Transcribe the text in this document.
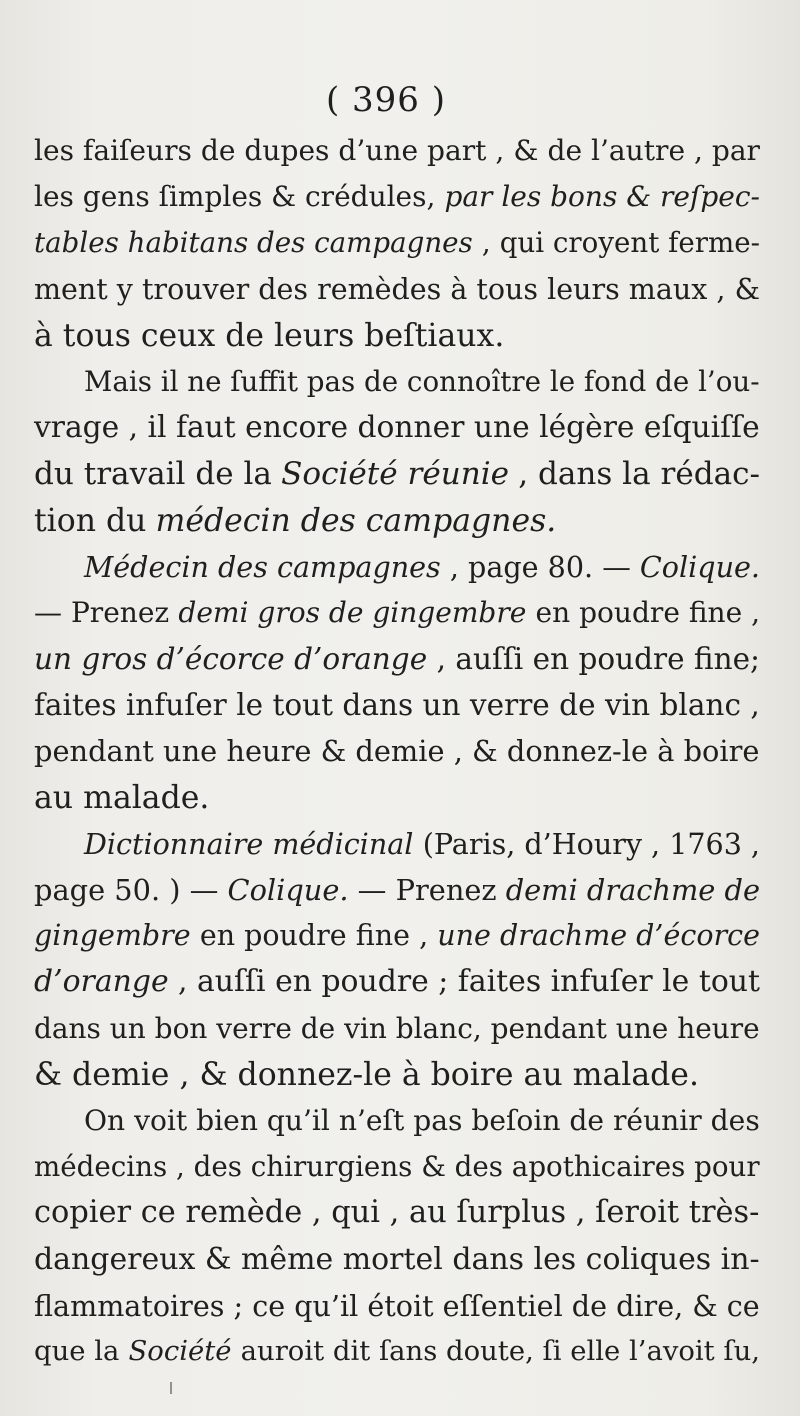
( 396 )
les faiſeurs de dupes d’une part , & de l’autre , par
les gens ſimples & crédules, par les bons & reſpec-
tables habitans des campagnes , qui croyent ferme-
ment y trouver des remèdes à tous leurs maux , &
à tous ceux de leurs beſtiaux.
Mais il ne ſuffit pas de connoître le fond de l’ou-
vrage , il faut encore donner une légère eſquiſſe
du travail de la Société réunie , dans la rédac-
tion du médecin des campagnes.
Médecin des campagnes , page 80. — Colique.
— Prenez demi gros de gingembre en poudre fine ,
un gros d’écorce d’orange , auſſi en poudre fine;
faites infuſer le tout dans un verre de vin blanc ,
pendant une heure & demie , & donnez-le à boire
au malade.
Dictionnaire médicinal (Paris, d’Houry , 1763 ,
page 50. ) — Colique. — Prenez demi drachme de
gingembre en poudre fine , une drachme d’écorce
d’orange , auſſi en poudre ; faites infuſer le tout
dans un bon verre de vin blanc, pendant une heure
& demie , & donnez-le à boire au malade.
On voit bien qu’il n’eſt pas beſoin de réunir des
médecins , des chirurgiens & des apothicaires pour
copier ce remède , qui , au ſurplus , ſeroit très-
dangereux & même mortel dans les coliques in-
flammatoires ; ce qu’il étoit eſſentiel de dire, & ce
que la Société auroit dit ſans doute, ſi elle l’avoit ſu,
